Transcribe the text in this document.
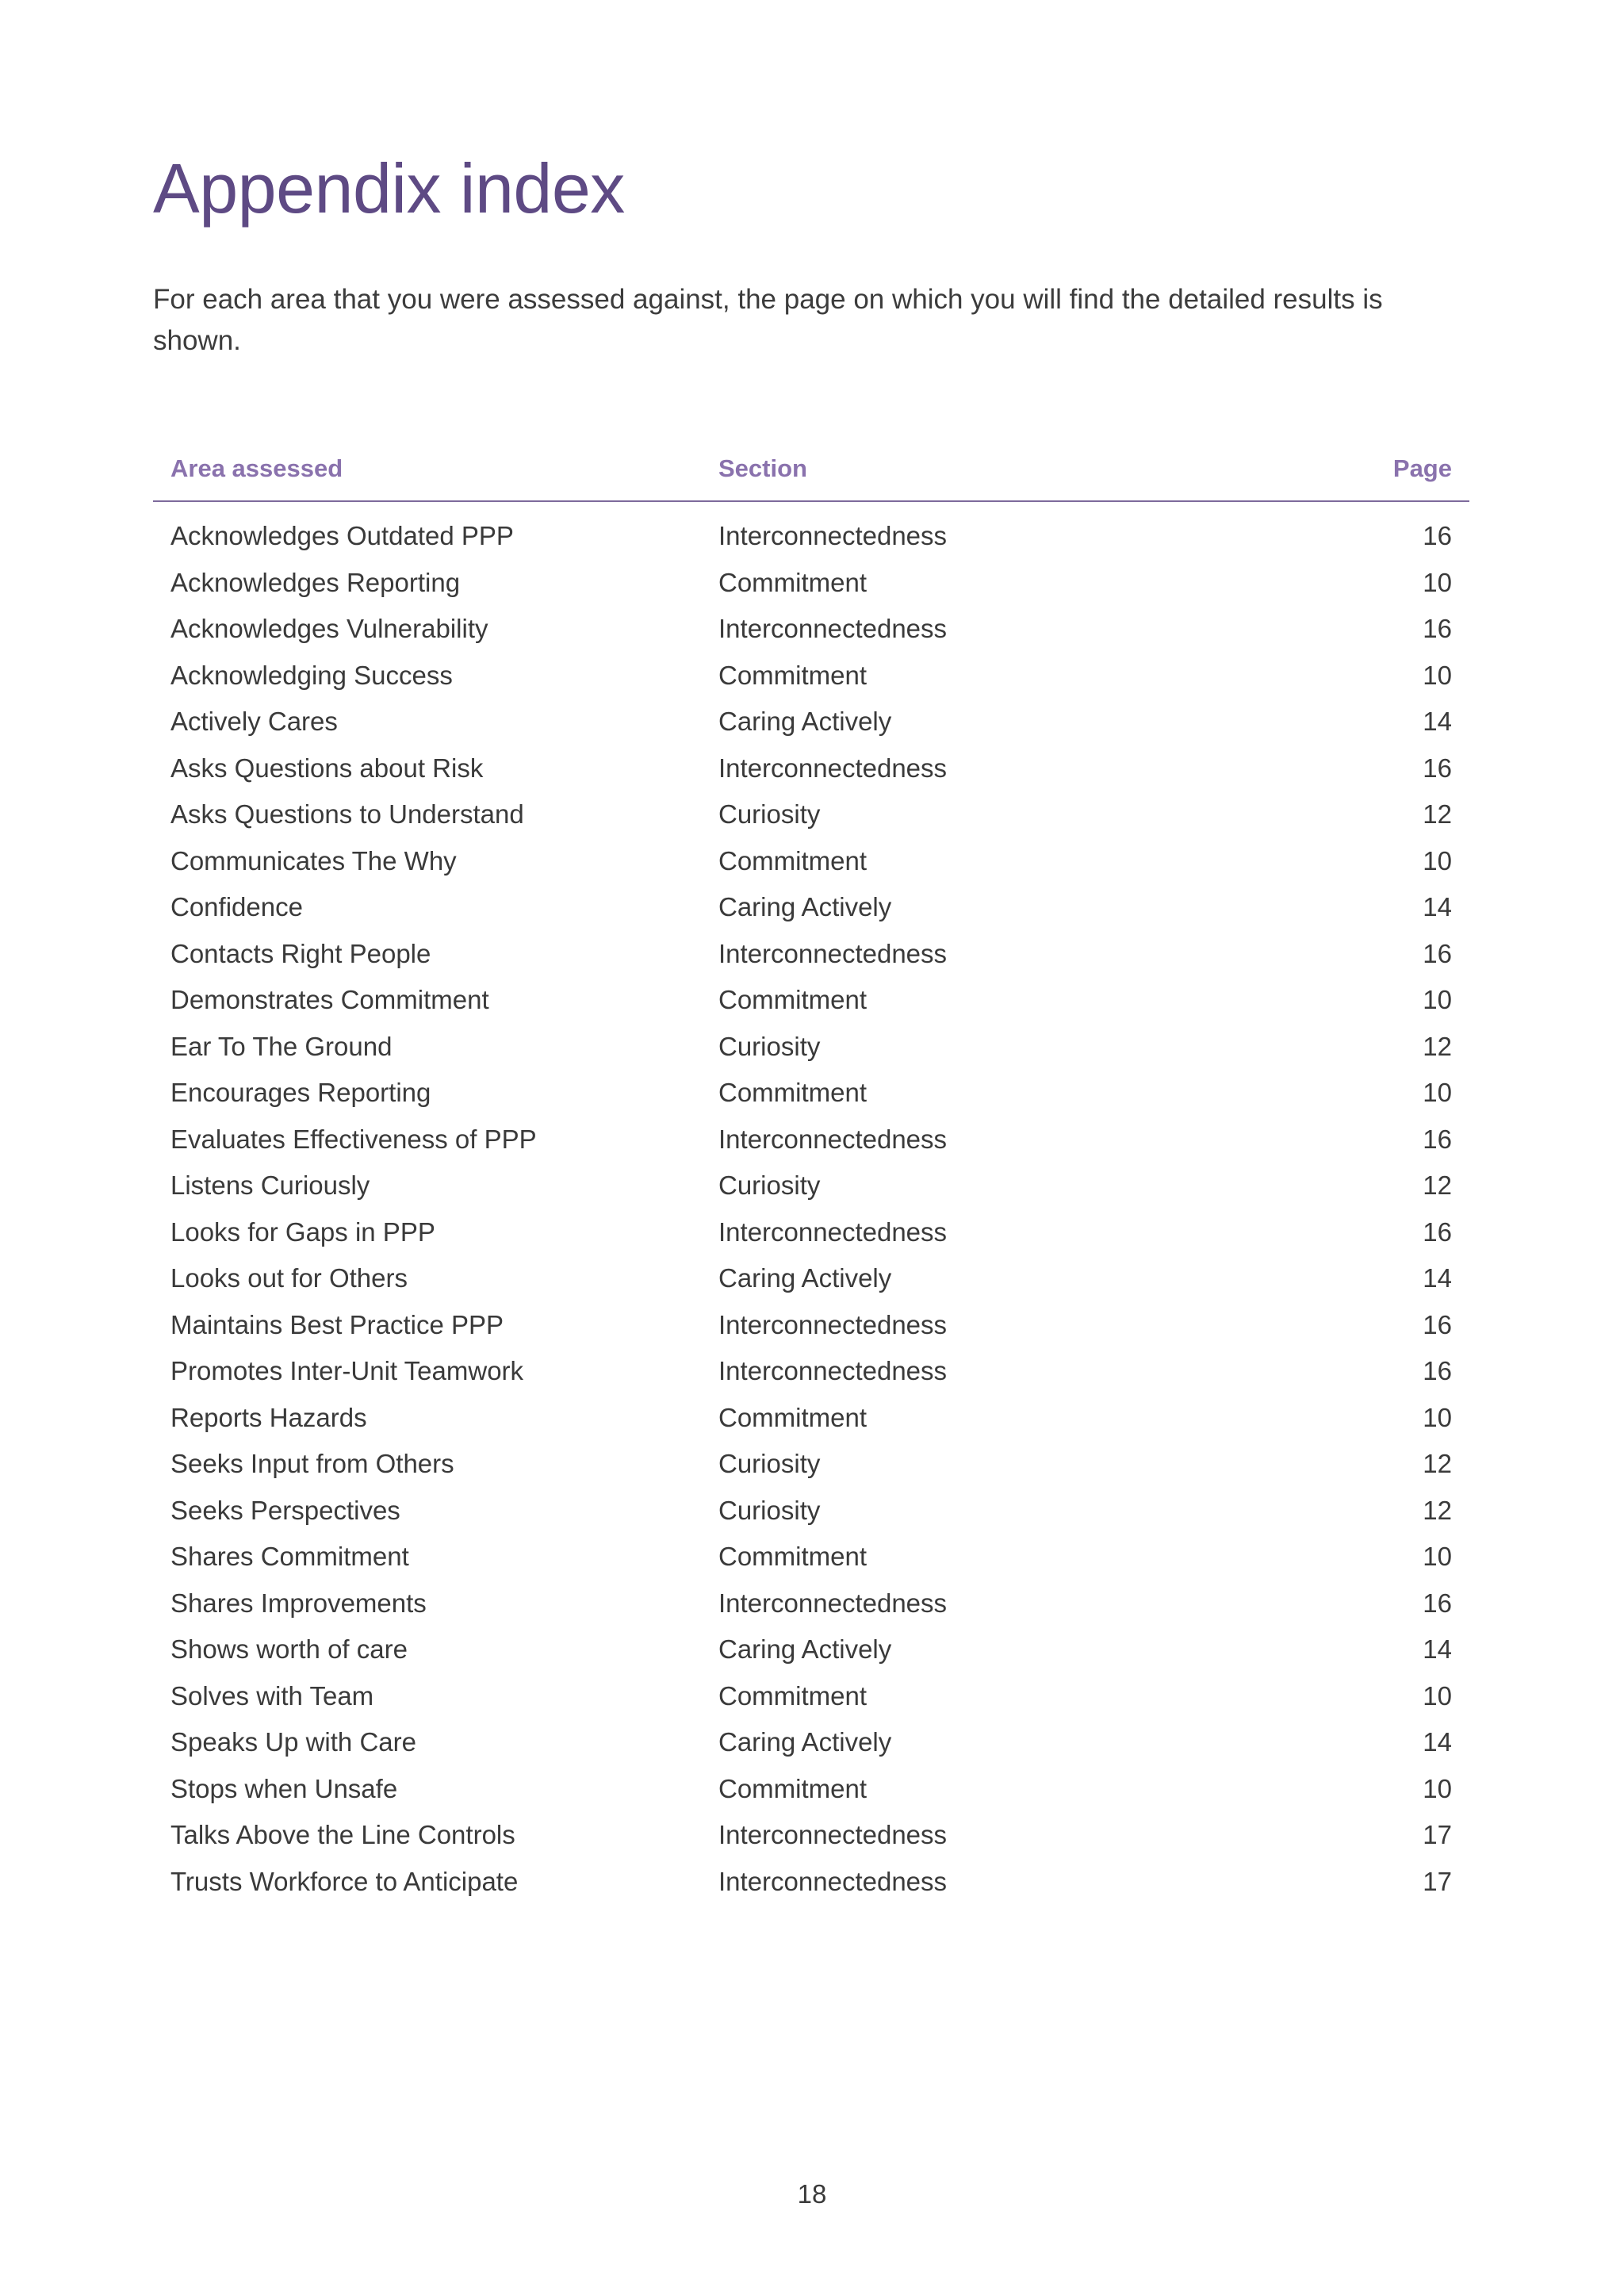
Appendix index

For each area that you were assessed against, the page on which you will find the detailed results is shown.

Area assessed	Section	Page
Acknowledges Outdated PPP	Interconnectedness	16
Acknowledges Reporting	Commitment	10
Acknowledges Vulnerability	Interconnectedness	16
Acknowledging Success	Commitment	10
Actively Cares	Caring Actively	14
Asks Questions about Risk	Interconnectedness	16
Asks Questions to Understand	Curiosity	12
Communicates The Why	Commitment	10
Confidence	Caring Actively	14
Contacts Right People	Interconnectedness	16
Demonstrates Commitment	Commitment	10
Ear To The Ground	Curiosity	12
Encourages Reporting	Commitment	10
Evaluates Effectiveness of PPP	Interconnectedness	16
Listens Curiously	Curiosity	12
Looks for Gaps in PPP	Interconnectedness	16
Looks out for Others	Caring Actively	14
Maintains Best Practice PPP	Interconnectedness	16
Promotes Inter-Unit Teamwork	Interconnectedness	16
Reports Hazards	Commitment	10
Seeks Input from Others	Curiosity	12
Seeks Perspectives	Curiosity	12
Shares Commitment	Commitment	10
Shares Improvements	Interconnectedness	16
Shows worth of care	Caring Actively	14
Solves with Team	Commitment	10
Speaks Up with Care	Caring Actively	14
Stops when Unsafe	Commitment	10
Talks Above the Line Controls	Interconnectedness	17
Trusts Workforce to Anticipate	Interconnectedness	17
18
